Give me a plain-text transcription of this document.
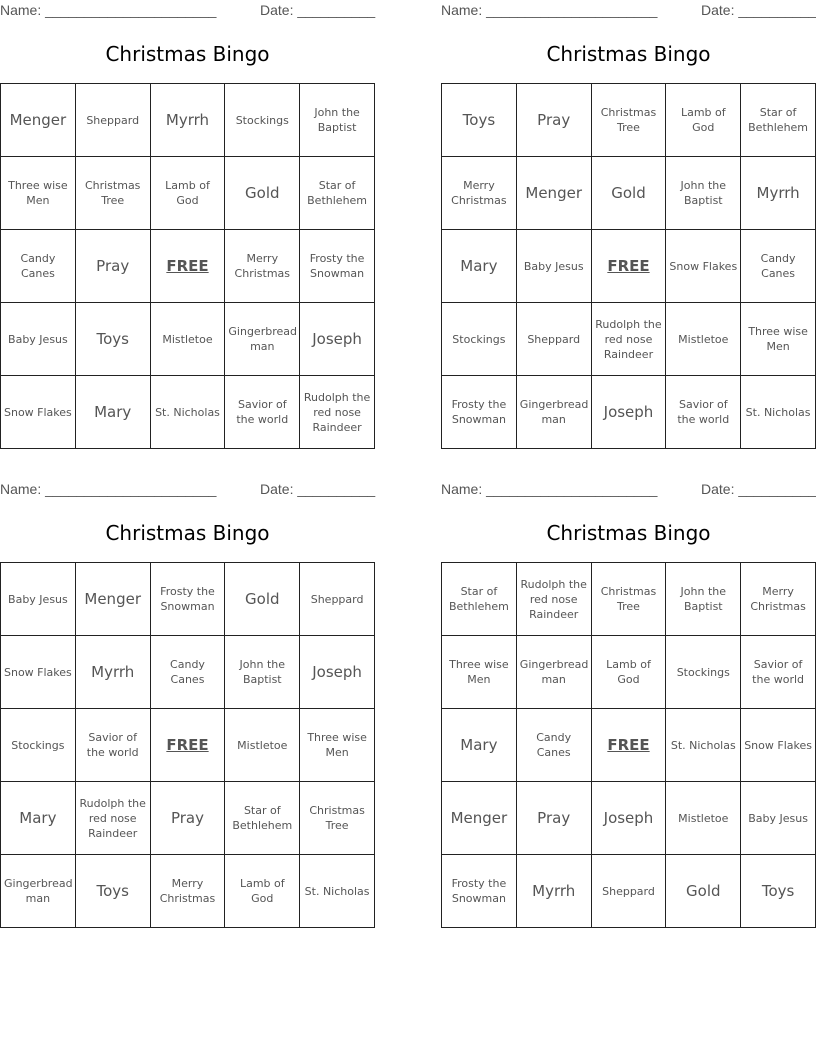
Name: ______________________	Date: __________
Christmas Bingo
Menger	Sheppard	Myrrh	Stockings	John the Baptist
Three wise Men	Christmas Tree	Lamb of God	Gold	Star of Bethlehem
Candy Canes	Pray	FREE	Merry Christmas	Frosty the Snowman
Baby Jesus	Toys	Mistletoe	Gingerbread man	Joseph
Snow Flakes	Mary	St. Nicholas	Savior of the world	Rudolph the red nose Raindeer
Name: ______________________	Date: __________
Christmas Bingo
Toys	Pray	Christmas Tree	Lamb of God	Star of Bethlehem
Merry Christmas	Menger	Gold	John the Baptist	Myrrh
Mary	Baby Jesus	FREE	Snow Flakes	Candy Canes
Stockings	Sheppard	Rudolph the red nose Raindeer	Mistletoe	Three wise Men
Frosty the Snowman	Gingerbread man	Joseph	Savior of the world	St. Nicholas
Name: ______________________	Date: __________
Christmas Bingo
Baby Jesus	Menger	Frosty the Snowman	Gold	Sheppard
Snow Flakes	Myrrh	Candy Canes	John the Baptist	Joseph
Stockings	Savior of the world	FREE	Mistletoe	Three wise Men
Mary	Rudolph the red nose Raindeer	Pray	Star of Bethlehem	Christmas Tree
Gingerbread man	Toys	Merry Christmas	Lamb of God	St. Nicholas
Name: ______________________	Date: __________
Christmas Bingo
Star of Bethlehem	Rudolph the red nose Raindeer	Christmas Tree	John the Baptist	Merry Christmas
Three wise Men	Gingerbread man	Lamb of God	Stockings	Savior of the world
Mary	Candy Canes	FREE	St. Nicholas	Snow Flakes
Menger	Pray	Joseph	Mistletoe	Baby Jesus
Frosty the Snowman	Myrrh	Sheppard	Gold	Toys
